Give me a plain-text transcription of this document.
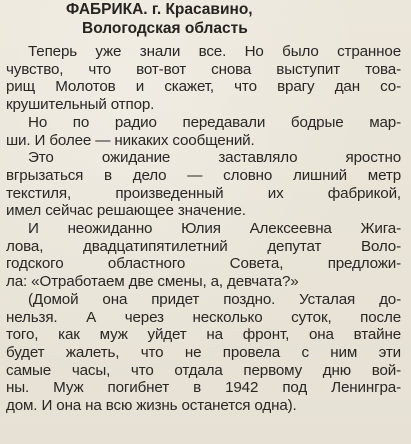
ФАБРИКА. г. Красавино,
Вологодская область

Теперь уже знали все. Но было странное
чувство, что вот-вот снова выступит това-
рищ Молотов и скажет, что врагу дан со-
крушительный отпор.

Но по радио передавали бодрые мар-
ши. И более — никаких сообщений.

Это    ожидание    заставляло    яростно
вгрызаться в дело — словно лишний метр
текстиля,   произведенный   их   фабрикой,
имел сейчас решающее значение.

И неожиданно Юлия Алексеевна Жига-
лова, двадцатипятилетний депутат Воло-
годского областного Совета, предложи-
ла: «Отработаем две смены, а, девчата?»

(Домой она придет поздно. Усталая до-
нельзя. А через несколько суток, после
того, как муж уйдет на фронт, она втайне
будет жалеть, что не провела с ним эти
самые часы, что отдала первому дню вой-
ны. Муж погибнет в 1942 под Ленингра-
дом. И она на всю жизнь останется одна).
